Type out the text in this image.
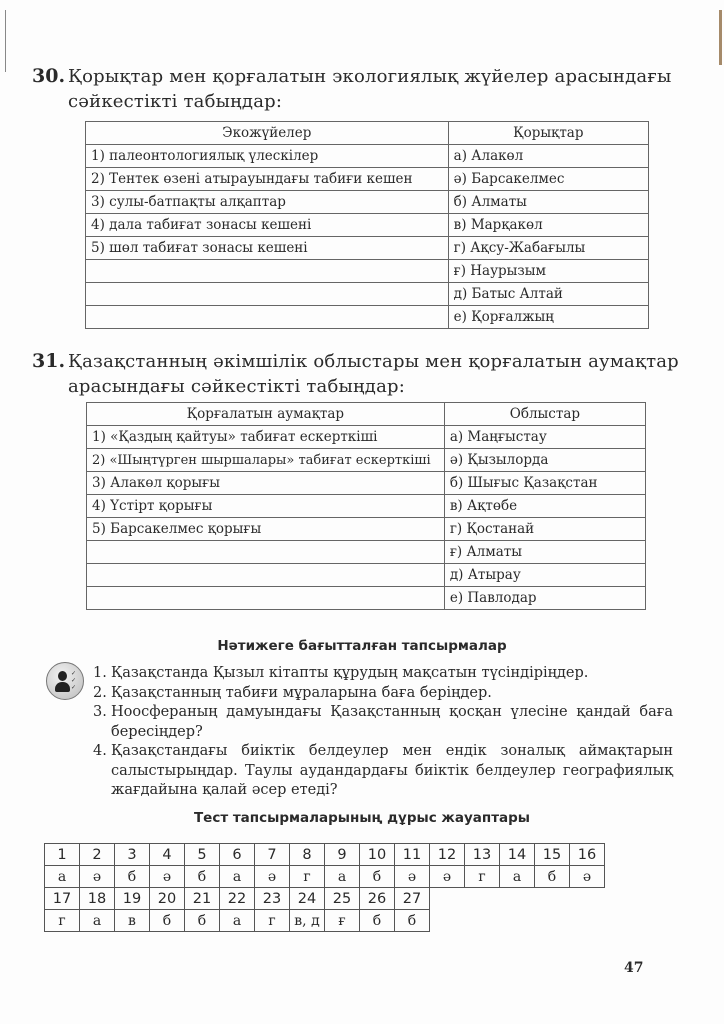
30. Қорықтар мен қорғалатын экологиялық жүйелер арасындағы
сәйкестікті табыңдар:
Экожүйелер	Қорықтар
1) палеонтологиялық үлескілер	а) Алакөл
2) Тентек өзені атырауындағы табиғи кешен	ә) Барсакелмес
3) сулы-батпақты алқаптар	б) Алматы
4) дала табиғат зонасы кешені	в) Марқакөл
5) шөл табиғат зонасы кешені	г) Ақсу-Жабағылы
	ғ) Наурызым
	д) Батыс Алтай
	е) Қорғалжың
31. Қазақстанның әкімшілік облыстары мен қорғалатын аумақтар
арасындағы сәйкестікті табыңдар:
Қорғалатын аумақтар	Облыстар
1) «Қаздың қайтуы» табиғат ескерткіші	а) Маңғыстау
2) «Шыңтүрген шыршалары» табиғат ескерткіші	ә) Қызылорда
3) Алакөл қорығы	б) Шығыс Қазақстан
4) Үстірт қорығы	в) Ақтөбе
5) Барсакелмес қорығы	г) Қостанай
	ғ) Алматы
	д) Атырау
	е) Павлодар
Нәтижеге бағытталған тапсырмалар
✓
✓
✓
1. Қазақстанда Қызыл кітапты құрудың мақсатын түсіндіріңдер.
2. Қазақстанның табиғи мұраларына баға беріңдер.
3. Ноосфераның дамуындағы Қазақстанның қосқан үлесіне қандай баға бересіңдер?
4. Қазақстандағы биіктік белдеулер мен ендік зоналық аймақтарын салыстырыңдар. Таулы аудандардағы биіктік белдеулер географиялық жағдайына қалай әсер етеді?
Тест тапсырмаларының дұрыс жауаптары
1	2	3	4	5	6	7	8	9	10	11	12	13	14	15	16
а	ә	б	ә	б	а	ә	г	а	б	ә	ә	г	а	б	ә
17	18	19	20	21	22	23	24	25	26	27					
г	а	в	б	б	а	г	в, д	ғ	б	б					
47
